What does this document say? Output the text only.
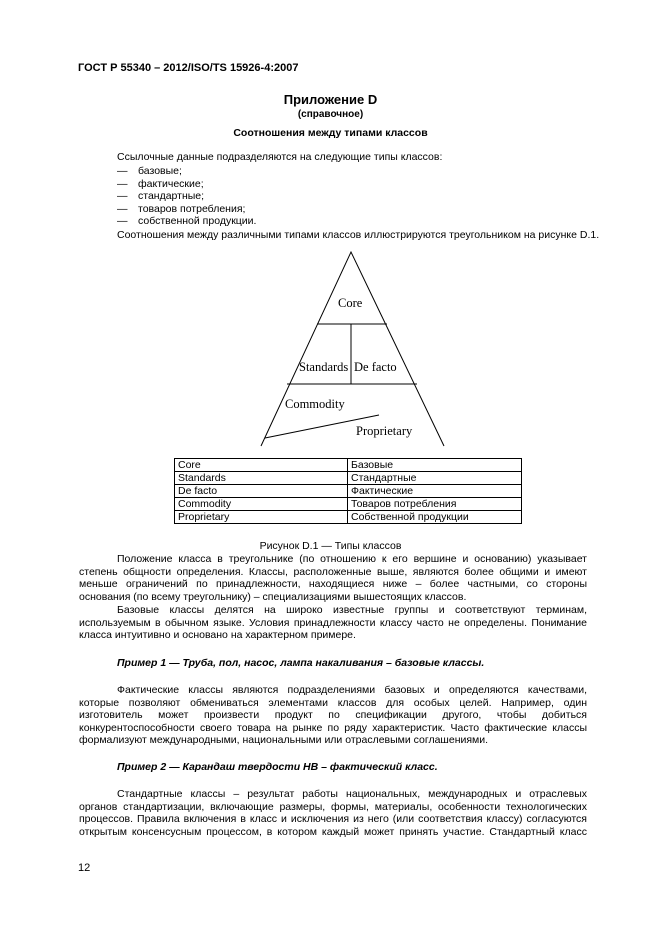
ГОСТ Р 55340 – 2012/ISO/TS 15926-4:2007
Приложение D
(справочное)
Соотношения между типами классов
Ссылочные данные подразделяются на следующие типы классов:
— базовые;
— фактические;
— стандартные;
— товаров потребления;
— собственной продукции.
Соотношения между различными типами классов иллюстрируются треугольником на рисунке D.1.
Core
Standards De facto
Commodity
Proprietary
Core	Базовые
Standards	Стандартные
De facto	Фактические
Commodity	Товаров потребления
Proprietary	Собственной продукции
Рисунок D.1 — Типы классов
Положение класса в треугольнике (по отношению к его вершине и основанию) указывает
степень общности определения. Классы, расположенные выше, являются более общими и имеют
меньше ограничений по принадлежности, находящиеся ниже – более частными, со стороны
основания (по всему треугольнику) – специализациями вышестоящих классов.
Базовые классы делятся на широко известные группы и соответствуют терминам,
используемым в обычном языке. Условия принадлежности классу часто не определены. Понимание
класса интуитивно и основано на характерном примере.
Пример 1 — Труба, пол, насос, лампа накаливания – базовые классы.
Фактические классы являются подразделениями базовых и определяются качествами,
которые позволяют обмениваться элементами классов для особых целей. Например, один
изготовитель может произвести продукт по спецификации другого, чтобы добиться
конкурентоспособности своего товара на рынке по ряду характеристик. Часто фактические классы
формализуют международными, национальными или отраслевыми соглашениями.
Пример 2 — Карандаш твердости НВ – фактический класс.
Стандартные классы – результат работы национальных, международных и отраслевых
органов стандартизации, включающие размеры, формы, материалы, особенности технологических
процессов. Правила включения в класс и исключения из него (или соответствия классу) согласуются
открытым консенсусным процессом, в котором каждый может принять участие. Стандартный класс
12
